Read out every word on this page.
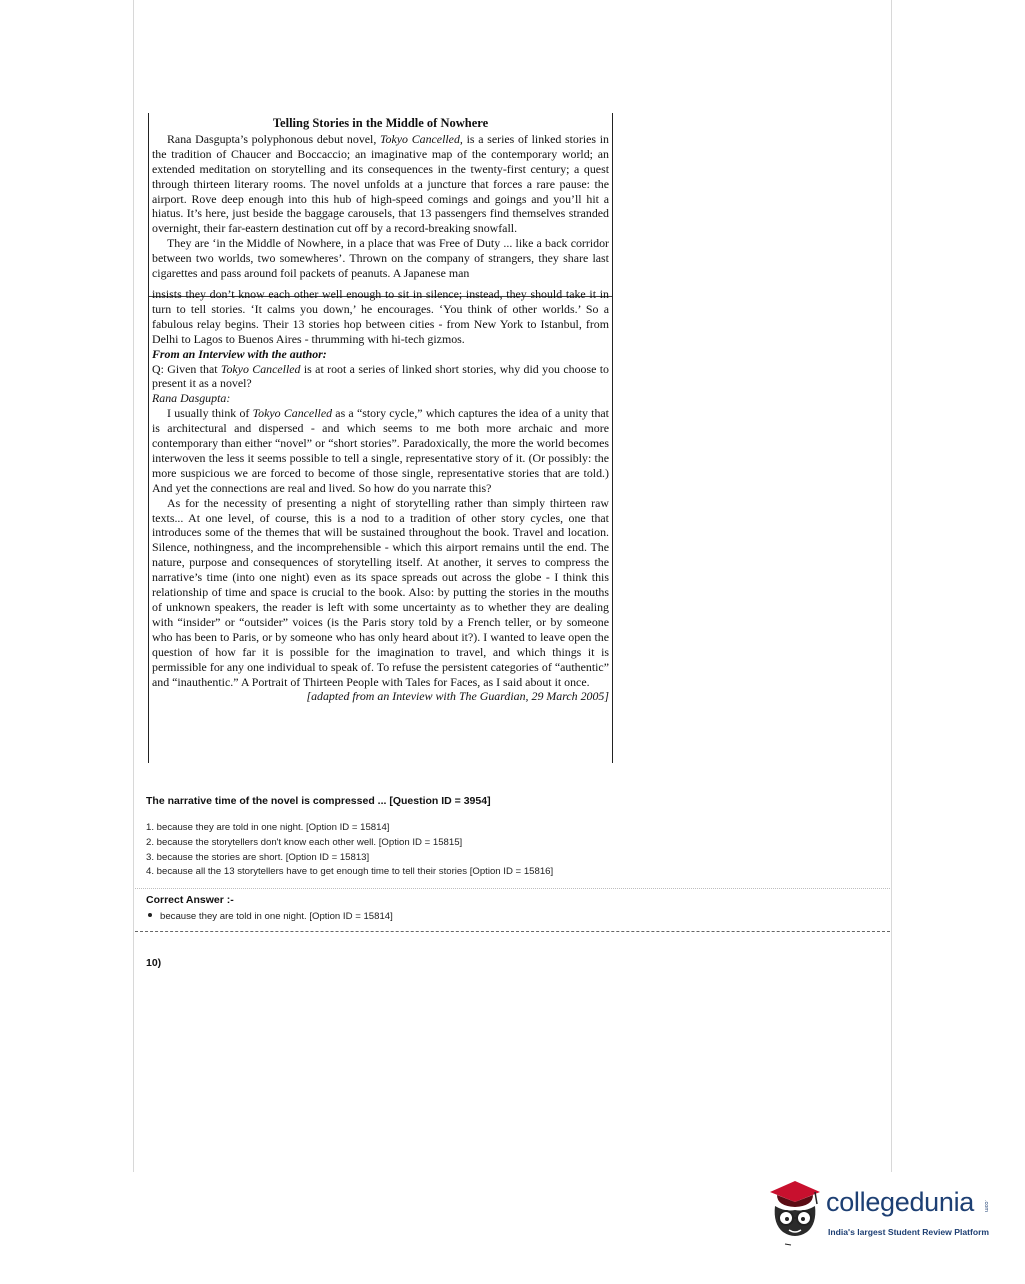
Telling Stories in the Middle of Nowhere

Rana Dasgupta’s polyphonous debut novel, Tokyo Cancelled, is a series of linked stories in the tradition of Chaucer and Boccaccio; an imaginative map of the contemporary world; an extended meditation on storytelling and its consequences in the twenty-first century; a quest through thirteen literary rooms. The novel unfolds at a juncture that forces a rare pause: the airport. Rove deep enough into this hub of high-speed comings and goings and you’ll hit a hiatus. It’s here, just beside the baggage carousels, that 13 passengers find themselves stranded overnight, their far-eastern destination cut off by a record-breaking snowfall.

They are ‘in the Middle of Nowhere, in a place that was Free of Duty ... like a back corridor between two worlds, two somewheres’. Thrown on the company of strangers, they share last cigarettes and pass around foil packets of peanuts. A Japanese man

insists they don’t know each other well enough to sit in silence; instead, they should take it in turn to tell stories. ‘It calms you down,’ he encourages. ‘You think of other worlds.’ So a fabulous relay begins. Their 13 stories hop between cities - from New York to Istanbul, from Delhi to Lagos to Buenos Aires - thrumming with hi-tech gizmos.

From an Interview with the author:

Q: Given that Tokyo Cancelled is at root a series of linked short stories, why did you choose to present it as a novel?

Rana Dasgupta:

I usually think of Tokyo Cancelled as a “story cycle,” which captures the idea of a unity that is architectural and dispersed - and which seems to me both more archaic and more contemporary than either “novel” or “short stories”. Paradoxically, the more the world becomes interwoven the less it seems possible to tell a single, representative story of it. (Or possibly: the more suspicious we are forced to become of those single, representative stories that are told.) And yet the connections are real and lived. So how do you narrate this?

As for the necessity of presenting a night of storytelling rather than simply thirteen raw texts... At one level, of course, this is a nod to a tradition of other story cycles, one that introduces some of the themes that will be sustained throughout the book. Travel and location. Silence, nothingness, and the incomprehensible - which this airport remains until the end. The nature, purpose and consequences of storytelling itself. At another, it serves to compress the narrative’s time (into one night) even as its space spreads out across the globe - I think this relationship of time and space is crucial to the book. Also: by putting the stories in the mouths of unknown speakers, the reader is left with some uncertainty as to whether they are dealing with “insider” or “outsider” voices (is the Paris story told by a French teller, or by someone who has been to Paris, or by someone who has only heard about it?). I wanted to leave open the question of how far it is possible for the imagination to travel, and which things it is permissible for any one individual to speak of. To refuse the persistent categories of “authentic” and “inauthentic.” A Portrait of Thirteen People with Tales for Faces, as I said about it once.

[adapted from an Inteview with The Guardian, 29 March 2005]

The narrative time of the novel is compressed ... [Question ID = 3954]
1. because they are told in one night. [Option ID = 15814]
2. because the storytellers don't know each other well. [Option ID = 15815]
3. because the stories are short. [Option ID = 15813]
4. because all the 13 storytellers have to get enough time to tell their stories [Option ID = 15816]
Correct Answer :-
because they are told in one night. [Option ID = 15814]
10)
collegedunia .com
India's largest Student Review Platform
